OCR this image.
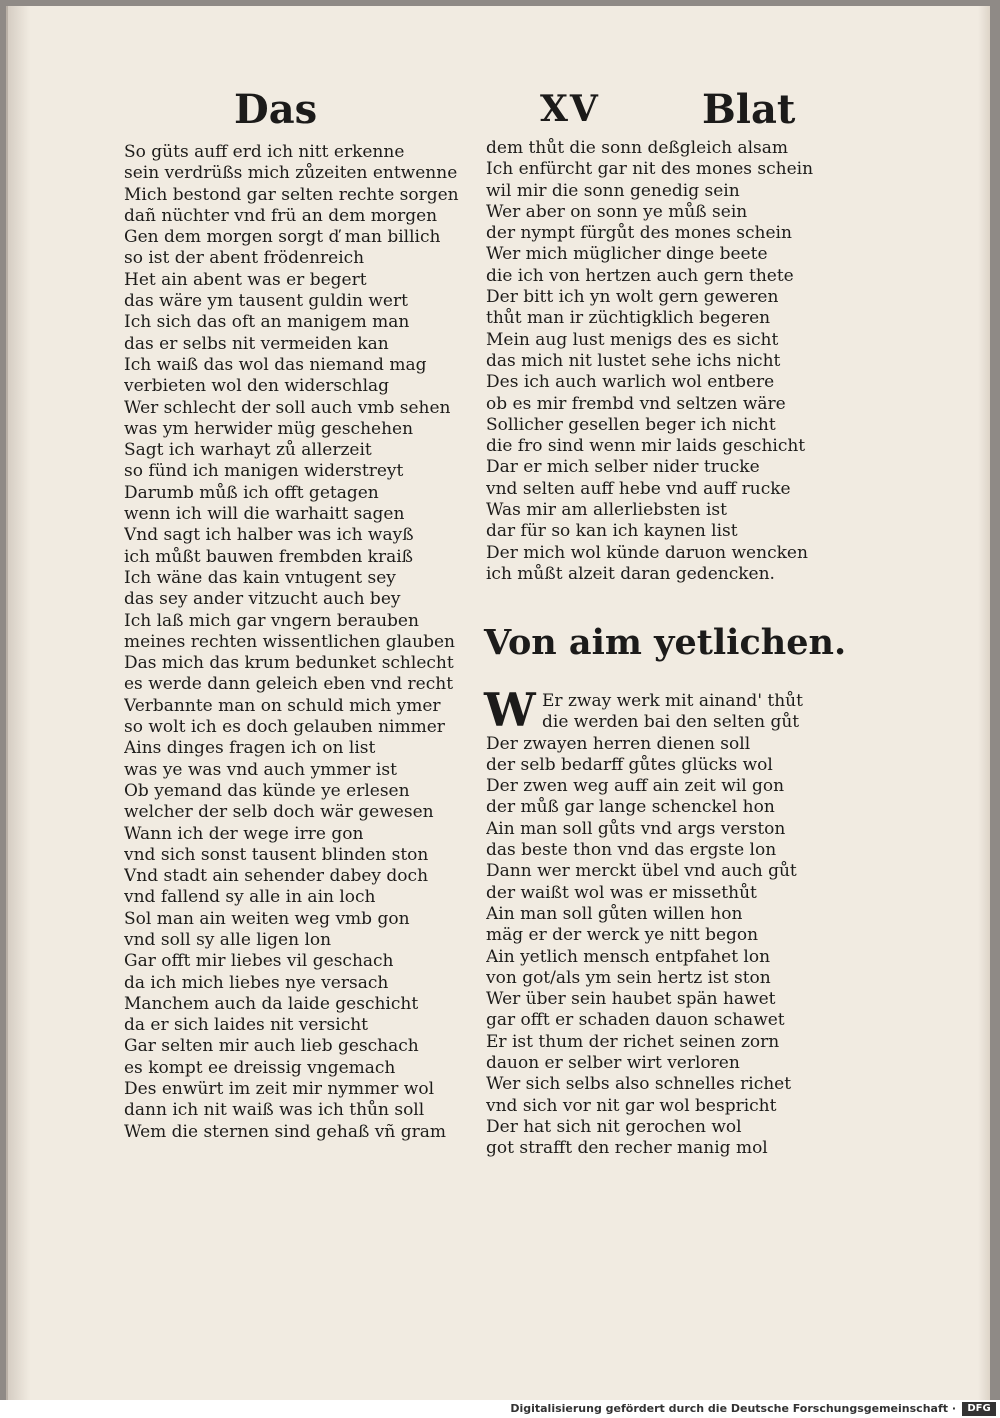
Das	XV	Blat
So güts auff erd ich nitt erkenne
sein verdrüßs mich zůzeiten entwenne
Mich bestond gar selten rechte sorgen
dañ nüchter vnd frü an dem morgen
Gen dem morgen sorgt ď man billich
so ist der abent frödenreich
Het ain abent was er begert
das wäre ym tausent guldin wert
Ich sich das oft an manigem man
das er selbs nit vermeiden kan
Ich waiß das wol das niemand mag
verbieten wol den widerschlag
Wer schlecht der soll auch vmb sehen
was ym herwider müg geschehen
Sagt ich warhayt zů allerzeit
so fünd ich manigen widerstreyt
Darumb můß ich offt getagen
wenn ich will die warhaitt sagen
Vnd sagt ich halber was ich wayß
ich můßt bauwen frembden kraiß
Ich wäne das kain vntugent sey
das sey ander vitzucht auch bey
Ich laß mich gar vngern berauben
meines rechten wissentlichen glauben
Das mich das krum bedunket schlecht
es werde dann geleich eben vnd recht
Verbannte man on schuld mich ymer
so wolt ich es doch gelauben nimmer
Ains dinges fragen ich on list
was ye was vnd auch ymmer ist
Ob yemand das künde ye erlesen
welcher der selb doch wär gewesen
Wann ich der wege irre gon
vnd sich sonst tausent blinden ston
Vnd stadt ain sehender dabey doch
vnd fallend sy alle in ain loch
Sol man ain weiten weg vmb gon
vnd soll sy alle ligen lon
Gar offt mir liebes vil geschach
da ich mich liebes nye versach
Manchem auch da laide geschicht
da er sich laides nit versicht
Gar selten mir auch lieb geschach
es kompt ee dreissig vngemach
Des enwürt im zeit mir nymmer wol
dann ich nit waiß was ich thůn soll
Wem die sternen sind gehaß vñ gram
dem thůt die sonn deßgleich alsam
Ich enfürcht gar nit des mones schein
wil mir die sonn genedig sein
Wer aber on sonn ye můß sein
der nympt fürgůt des mones schein
Wer mich müglicher dinge beete
die ich von hertzen auch gern thete
Der bitt ich yn wolt gern geweren
thůt man ir züchtigklich begeren
Mein aug lust menigs des es sicht
das mich nit lustet sehe ichs nicht
Des ich auch warlich wol entbere
ob es mir frembd vnd seltzen wäre
Sollicher gesellen beger ich nicht
die fro sind wenn mir laids geschicht
Dar er mich selber nider trucke
vnd selten auff hebe vnd auff rucke
Was mir am allerliebsten ist
dar für so kan ich kaynen list
Der mich wol künde daruon wencken
ich můßt alzeit daran gedencken.
Von aim yetlichen.
W Er zway werk mit ainand' thůt
die werden bai den selten gůt
Der zwayen herren dienen soll
der selb bedarff gůtes glücks wol
Der zwen weg auff ain zeit wil gon
der můß gar lange schenckel hon
Ain man soll gůts vnd args verston
das beste thon vnd das ergste lon
Dann wer merckt übel vnd auch gůt
der waißt wol was er missethůt
Ain man soll gůten willen hon
mäg er der werck ye nitt begon
Ain yetlich mensch entpfahet lon
von got/als ym sein hertz ist ston
Wer über sein haubet spän hawet
gar offt er schaden dauon schawet
Er ist thum der richet seinen zorn
dauon er selber wirt verloren
Wer sich selbs also schnelles richet
vnd sich vor nit gar wol bespricht
Der hat sich nit gerochen wol
got strafft den recher manig mol
Digitalisierung gefördert durch die Deutsche Forschungsgemeinschaft ·	DFG
